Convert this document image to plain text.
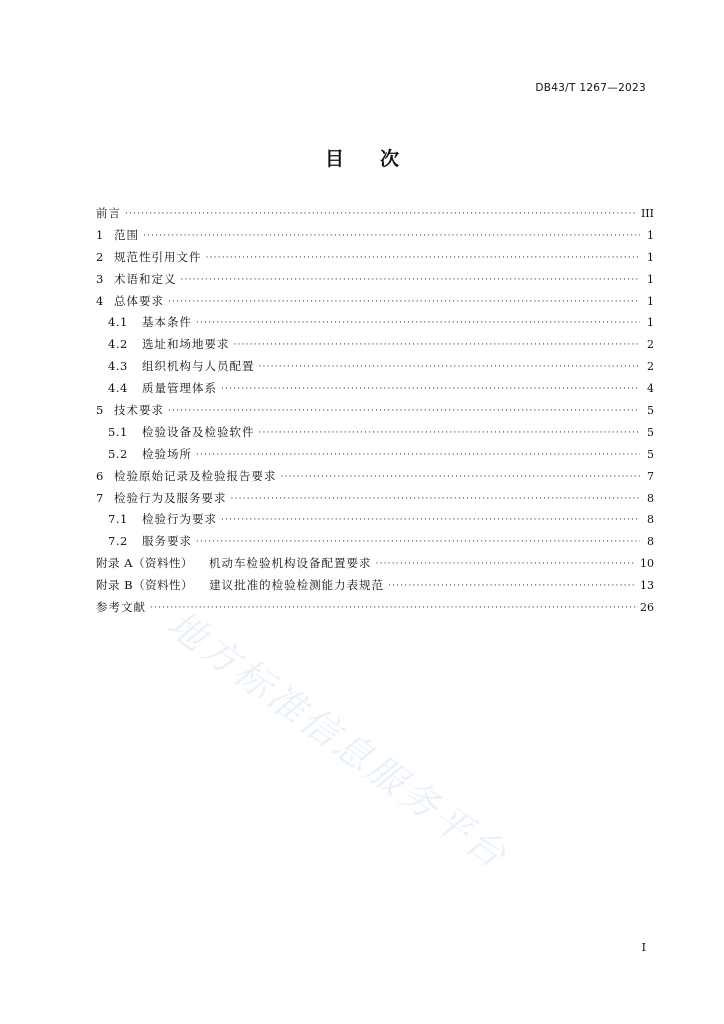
DB43/T 1267—2023
目次
前言 ·····	III
1 范围 ·····	1
2 规范性引用文件 ·····	1
3 术语和定义 ·····	1
4 总体要求 ·····	1
4.1	基本条件 ·····	1
4.2	选址和场地要求 ·····	2
4.3	组织机构与人员配置 ·····	2
4.4	质量管理体系 ·····	4
5 技术要求 ·····	5
5.1	检验设备及检验软件 ·····	5
5.2	检验场所 ·····	5
6 检验原始记录及检验报告要求 ·····	7
7 检验行为及服务要求 ·····	8
7.1	检验行为要求 ·····	8
7.2	服务要求 ·····	8
附录 A（资料性）	机动车检验机构设备配置要求 ·····	10
附录 B（资料性）	建议批准的检验检测能力表规范 ·····	13
参考文献 ·····	26
地方标准信息服务平台
I
